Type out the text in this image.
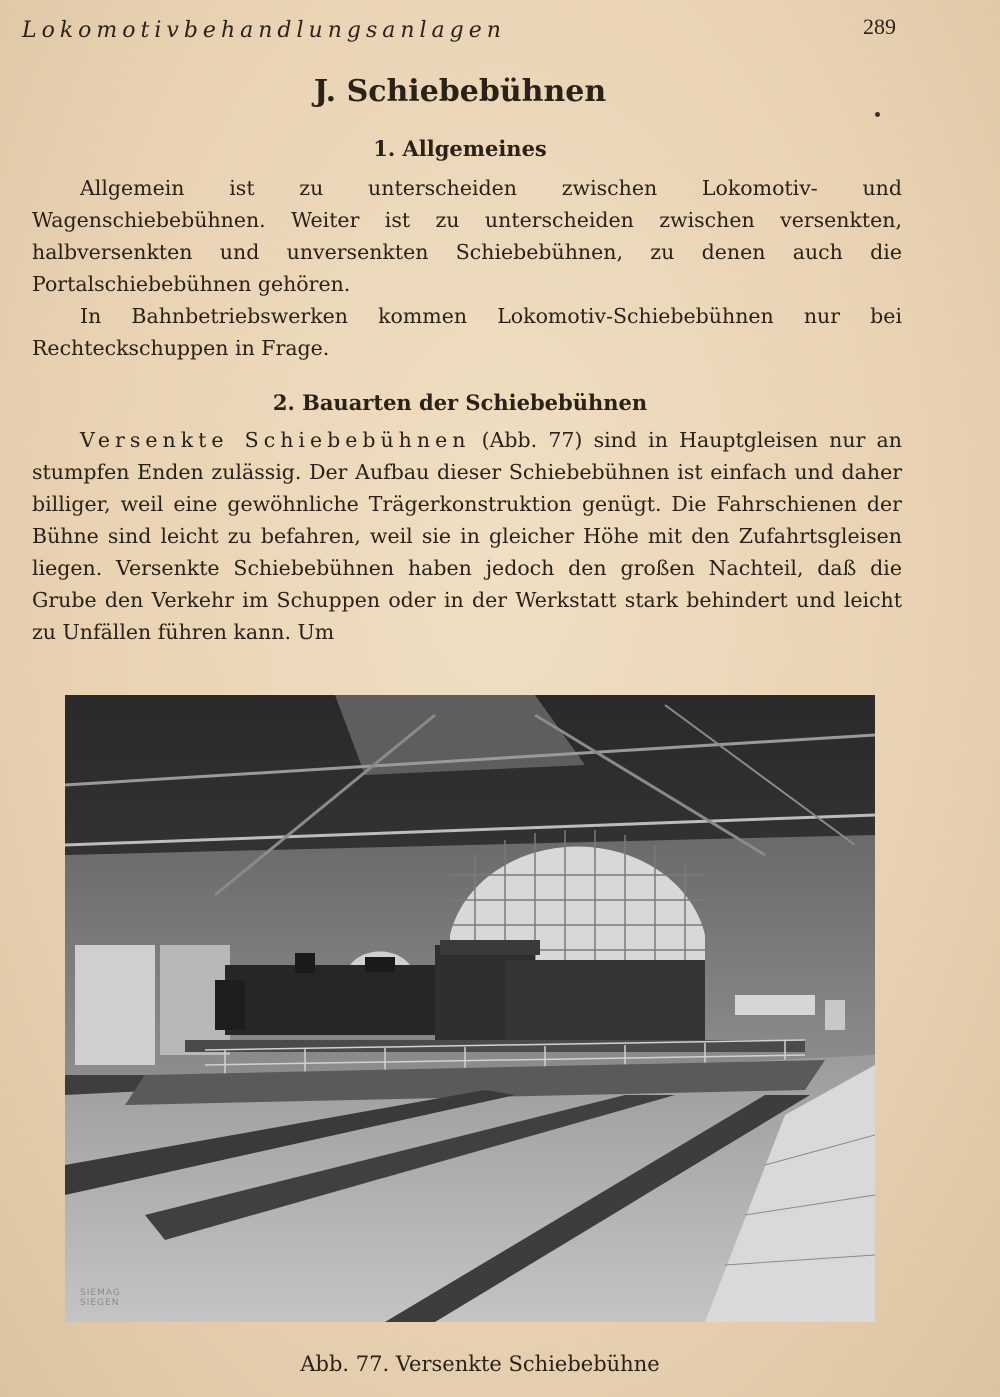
Lokomotivbehandlungsanlagen	289
J. Schiebebühnen
1. Allgemeines

Allgemein ist zu unterscheiden zwischen Lokomotiv- und Wagenschiebebühnen. Weiter ist zu unterscheiden zwischen versenkten, halbversenkten und unversenkten Schiebebühnen, zu denen auch die Portalschiebebühnen gehören.

In Bahnbetriebswerken kommen Lokomotiv-Schiebebühnen nur bei Rechteckschuppen in Frage.

2. Bauarten der Schiebebühnen

Versenkte Schiebebühnen (Abb. 77) sind in Hauptgleisen nur an stumpfen Enden zulässig. Der Aufbau dieser Schiebebühnen ist einfach und daher billiger, weil eine gewöhnliche Trägerkonstruktion genügt. Die Fahrschienen der Bühne sind leicht zu befahren, weil sie in gleicher Höhe mit den Zufahrtsgleisen liegen. Versenkte Schiebebühnen haben jedoch den großen Nachteil, daß die Grube den Verkehr im Schuppen oder in der Werkstatt stark behindert und leicht zu Unfällen führen kann. Um

SIEMAG
SIEGEN
Abb. 77. Versenkte Schiebebühne
